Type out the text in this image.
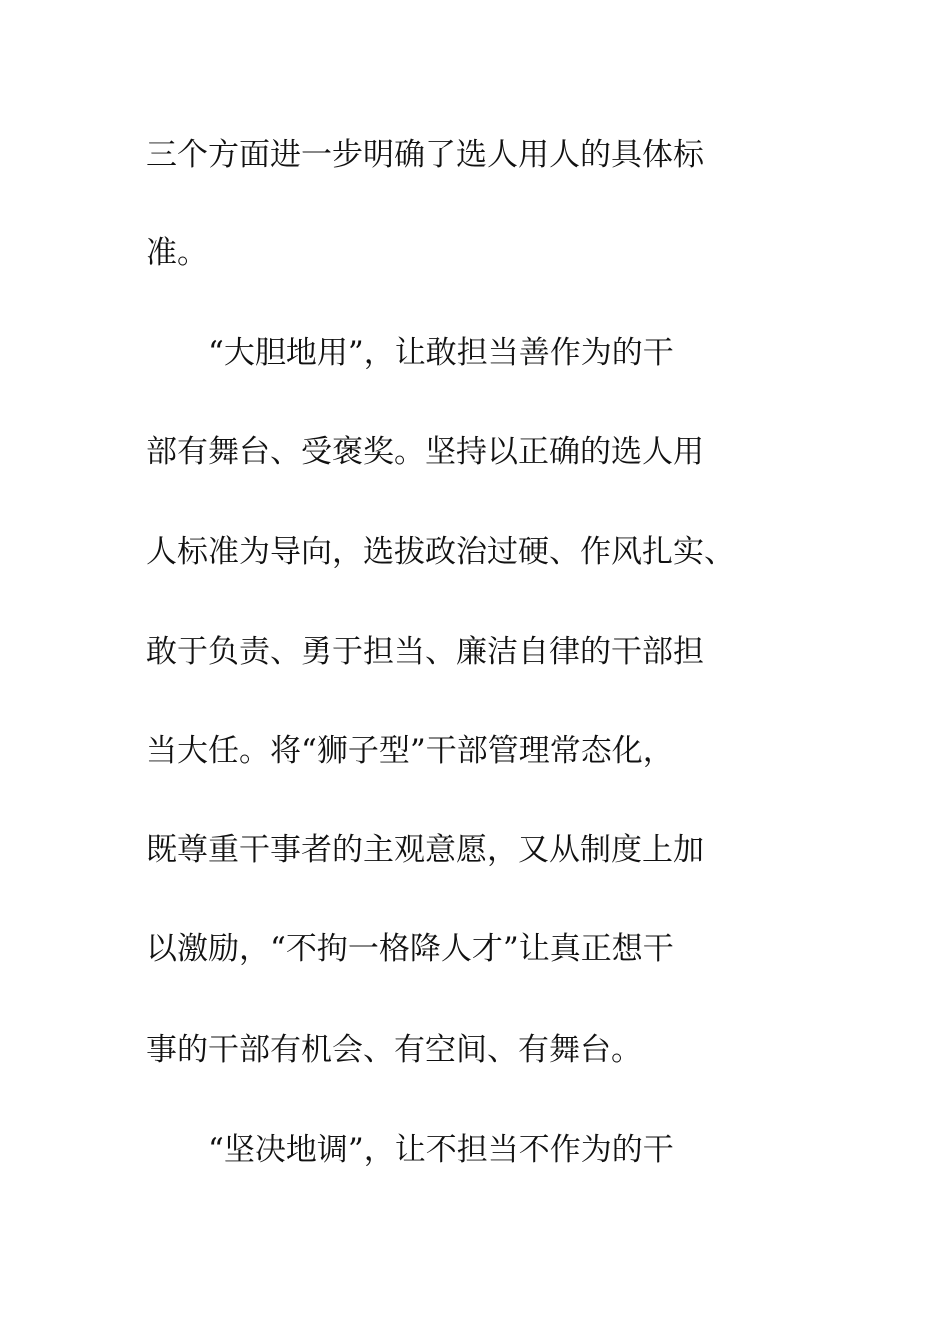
三个方面进一步明确了选人用人的具体标

准。

“大胆地用”，让敢担当善作为的干

部有舞台、受褒奖。坚持以正确的选人用

人标准为导向，选拔政治过硬、作风扎实、

敢于负责、勇于担当、廉洁自律的干部担

当大任。将“狮子型”干部管理常态化，

既尊重干事者的主观意愿，又从制度上加

以激励，“不拘一格降人才”让真正想干

事的干部有机会、有空间、有舞台。

“坚决地调”，让不担当不作为的干
